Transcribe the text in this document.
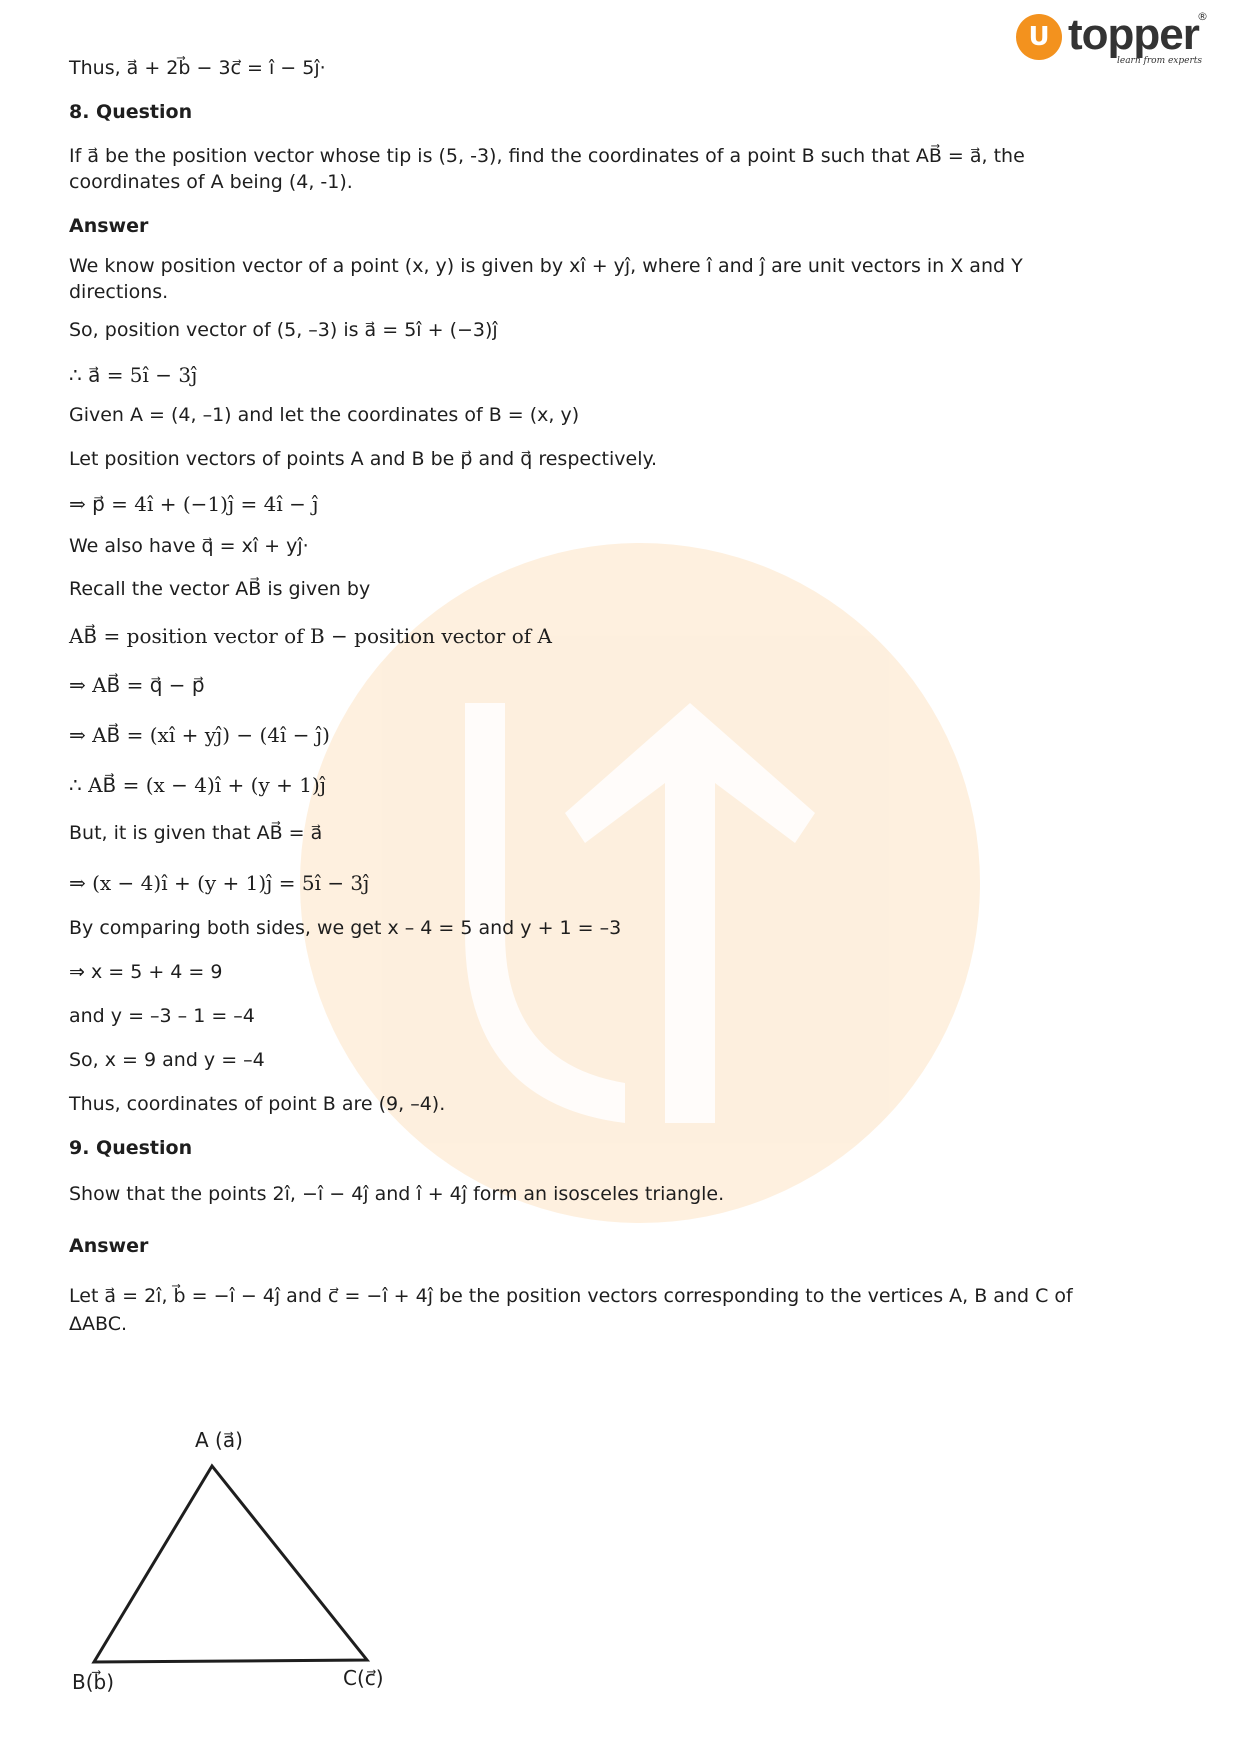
U topper
®
learn from experts
Thus, a⃗ + 2b⃗ − 3c⃗ = î − 5ĵ·
8. Question
If a⃗ be the position vector whose tip is (5, -3), find the coordinates of a point B such that AB⃗ = a⃗, the
coordinates of A being (4, -1).
Answer
We know position vector of a point (x, y) is given by xî + yĵ, where î and ĵ are unit vectors in X and Y
directions.
So, position vector of (5, –3) is a⃗ = 5î + (−3)ĵ
∴ a⃗ = 5î − 3ĵ
Given A = (4, –1) and let the coordinates of B = (x, y)
Let position vectors of points A and B be p⃗ and q⃗ respectively.
⇒ p⃗ = 4î + (−1)ĵ = 4î − ĵ
We also have q⃗ = xî + yĵ·
Recall the vector AB⃗ is given by
AB⃗ = position vector of B − position vector of A
⇒ AB⃗ = q⃗ − p⃗
⇒ AB⃗ = (xî + yĵ) − (4î − ĵ)
∴ AB⃗ = (x − 4)î + (y + 1)ĵ
But, it is given that AB⃗ = a⃗
⇒ (x − 4)î + (y + 1)ĵ = 5î − 3ĵ
By comparing both sides, we get x – 4 = 5 and y + 1 = –3
⇒ x = 5 + 4 = 9
and y = –3 – 1 = –4
So, x = 9 and y = –4
Thus, coordinates of point B are (9, –4).
9. Question
Show that the points 2î, −î − 4ĵ and î + 4ĵ form an isosceles triangle.
Answer
Let a⃗ = 2î, b⃗ = −î − 4ĵ and c⃗ = −î + 4ĵ be the position vectors corresponding to the vertices A, B and C of
ΔABC.
A (a⃗)
B(b⃗)	C(c⃗)
